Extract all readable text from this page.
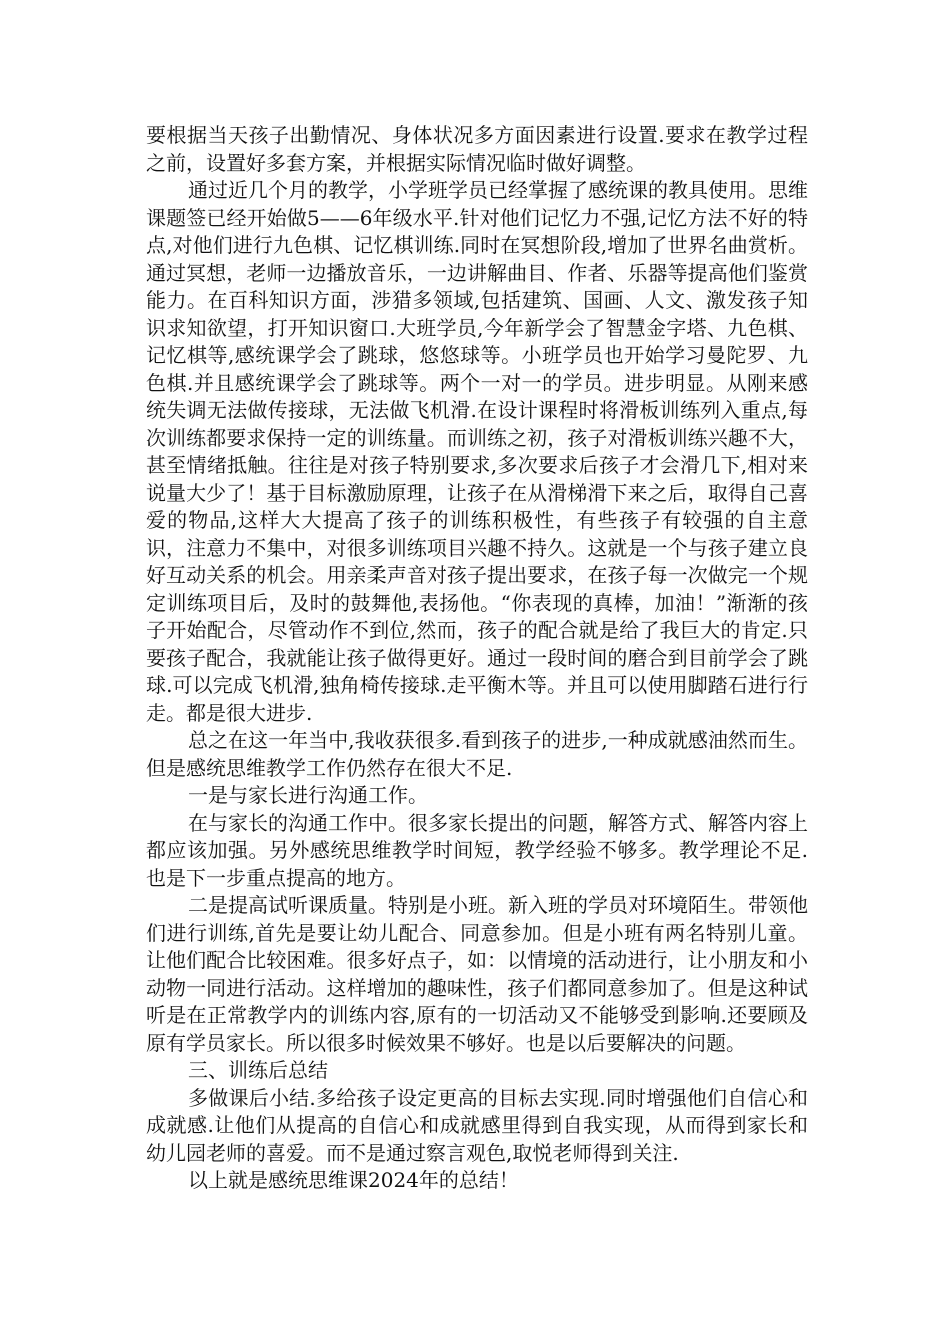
要根据当天孩子出勤情况、身体状况多方面因素进行设置.要求在教学过程之前，设置好多套方案，并根据实际情况临时做好调整。

通过近几个月的教学，小学班学员已经掌握了感统课的教具使用。思维课题签已经开始做5——6年级水平.针对他们记忆力不强,记忆方法不好的特点,对他们进行九色棋、记忆棋训练.同时在冥想阶段,增加了世界名曲赏析。通过冥想，老师一边播放音乐，一边讲解曲目、作者、乐器等提高他们鉴赏能力。在百科知识方面，涉猎多领域,包括建筑、国画、人文、激发孩子知识求知欲望，打开知识窗口.大班学员,今年新学会了智慧金字塔、九色棋、记忆棋等,感统课学会了跳球，悠悠球等。小班学员也开始学习曼陀罗、九色棋.并且感统课学会了跳球等。两个一对一的学员。进步明显。从刚来感统失调无法做传接球，无法做飞机滑.在设计课程时将滑板训练列入重点,每次训练都要求保持一定的训练量。而训练之初，孩子对滑板训练兴趣不大，甚至情绪抵触。往往是对孩子特别要求,多次要求后孩子才会滑几下,相对来说量大少了！基于目标激励原理，让孩子在从滑梯滑下来之后，取得自己喜爱的物品,这样大大提高了孩子的训练积极性，有些孩子有较强的自主意识，注意力不集中，对很多训练项目兴趣不持久。这就是一个与孩子建立良好互动关系的机会。用亲柔声音对孩子提出要求，在孩子每一次做完一个规定训练项目后，及时的鼓舞他,表扬他。“你表现的真棒，加油！”渐渐的孩子开始配合，尽管动作不到位,然而，孩子的配合就是给了我巨大的肯定.只要孩子配合，我就能让孩子做得更好。通过一段时间的磨合到目前学会了跳球.可以完成飞机滑,独角椅传接球.走平衡木等。并且可以使用脚踏石进行行走。都是很大进步.

总之在这一年当中,我收获很多.看到孩子的进步,一种成就感油然而生。但是感统思维教学工作仍然存在很大不足.

一是与家长进行沟通工作。

在与家长的沟通工作中。很多家长提出的问题，解答方式、解答内容上都应该加强。另外感统思维教学时间短，教学经验不够多。教学理论不足.也是下一步重点提高的地方。

二是提高试听课质量。特别是小班。新入班的学员对环境陌生。带领他们进行训练,首先是要让幼儿配合、同意参加。但是小班有两名特别儿童。让他们配合比较困难。很多好点子，如：以情境的活动进行，让小朋友和小动物一同进行活动。这样增加的趣味性，孩子们都同意参加了。但是这种试听是在正常教学内的训练内容,原有的一切活动又不能够受到影响.还要顾及原有学员家长。所以很多时候效果不够好。也是以后要解决的问题。

三、训练后总结

多做课后小结.多给孩子设定更高的目标去实现.同时增强他们自信心和成就感.让他们从提高的自信心和成就感里得到自我实现，从而得到家长和幼儿园老师的喜爱。而不是通过察言观色,取悦老师得到关注.

以上就是感统思维课2024年的总结！
